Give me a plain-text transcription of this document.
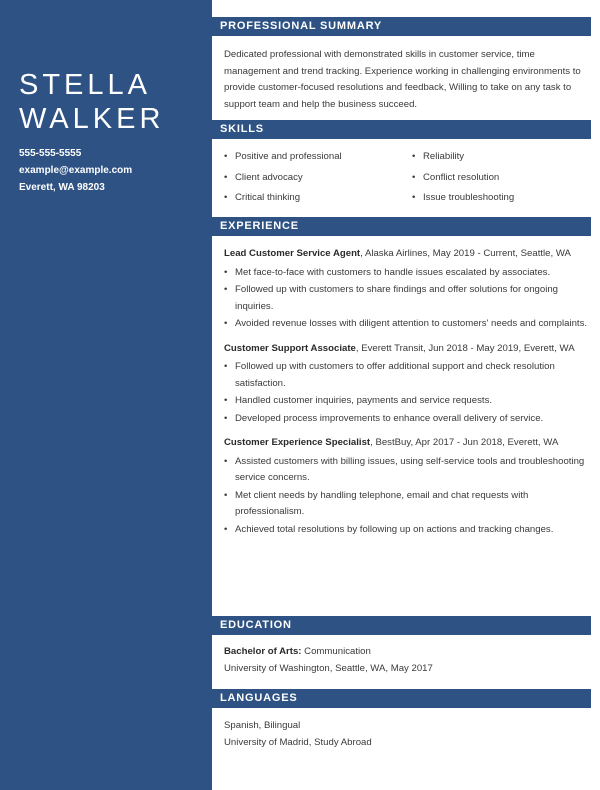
STELLA
WALKER
555-555-5555
example@example.com
Everett, WA 98203
PROFESSIONAL SUMMARY
Dedicated professional with demonstrated skills in customer service, time management and trend tracking. Experience working in challenging environments to provide customer-focused resolutions and feedback, Willing to take on any task to support team and help the business succeed.
SKILLS
• Positive and professional	• Reliability
• Client advocacy	• Conflict resolution
• Critical thinking	• Issue troubleshooting
EXPERIENCE
Lead Customer Service Agent, Alaska Airlines, May 2019 - Current, Seattle, WA
• Met face-to-face with customers to handle issues escalated by associates.
• Followed up with customers to share findings and offer solutions for ongoing inquiries.
• Avoided revenue losses with diligent attention to customers' needs and complaints.
Customer Support Associate, Everett Transit, Jun 2018 - May 2019, Everett, WA
• Followed up with customers to offer additional support and check resolution satisfaction.
• Handled customer inquiries, payments and service requests.
• Developed process improvements to enhance overall delivery of service.
Customer Experience Specialist, BestBuy, Apr 2017 - Jun 2018, Everett, WA
• Assisted customers with billing issues, using self-service tools and troubleshooting service concerns.
• Met client needs by handling telephone, email and chat requests with professionalism.
• Achieved total resolutions by following up on actions and tracking changes.
EDUCATION
Bachelor of Arts: Communication
University of Washington, Seattle, WA, May 2017
LANGUAGES
Spanish, Bilingual
University of Madrid, Study Abroad
